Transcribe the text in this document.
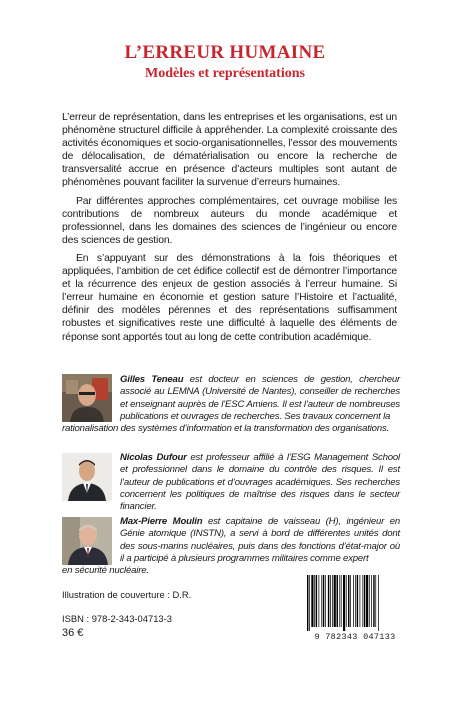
L’ERREUR HUMAINE
Modèles et représentations

L’erreur de représentation, dans les entreprises et les organisations, est un phénomène structurel difficile à appréhender. La complexité croissante des activités économiques et socio-organisationnelles, l’essor des mouvements de délocalisation, de dématérialisation ou encore la recherche de transversalité accrue en présence d’acteurs multiples sont autant de phénomènes pouvant faciliter la survenue d’erreurs humaines.

Par différentes approches complémentaires, cet ouvrage mobilise les contributions de nombreux auteurs du monde académique et professionnel, dans les domaines des sciences de l’ingénieur ou encore des sciences de gestion.

En s’appuyant sur des démonstrations à la fois théoriques et appliquées, l’ambition de cet édifice collectif est de démontrer l’importance et la récurrence des enjeux de gestion associés à l’erreur humaine. Si l’erreur humaine en économie et gestion sature l’Histoire et l’actualité, définir des modèles pérennes et des représentations suffisamment robustes et significatives reste une difficulté à laquelle des éléments de réponse sont apportés tout au long de cette contribution académique.

Gilles Teneau est docteur en sciences de gestion, chercheur associé au LEMNA (Université de Nantes), conseiller de recherches et enseignant auprès de l’ESC Amiens. Il est l’auteur de nombreuses publications et ouvrages de recherches. Ses travaux concernent la
rationalisation des systèmes d’information et la transformation des organisations.
Nicolas Dufour est professeur affilié à l’ESG Management School et professionnel dans le domaine du contrôle des risques. Il est l’auteur de publications et d’ouvrages académiques. Ses recherches concernent les politiques de maîtrise des risques dans le secteur financier.
Max-Pierre Moulin est capitaine de vaisseau (H), ingénieur en Génie atomique (INSTN), a servi à bord de différentes unités dont des sous-marins nucléaires, puis dans des fonctions d’état-major où il a participé à plusieurs programmes militaires comme expert
en sécurité nucléaire.
Illustration de couverture : D.R.
ISBN : 978-2-343-04713-3
36 €	9 782343 047133
